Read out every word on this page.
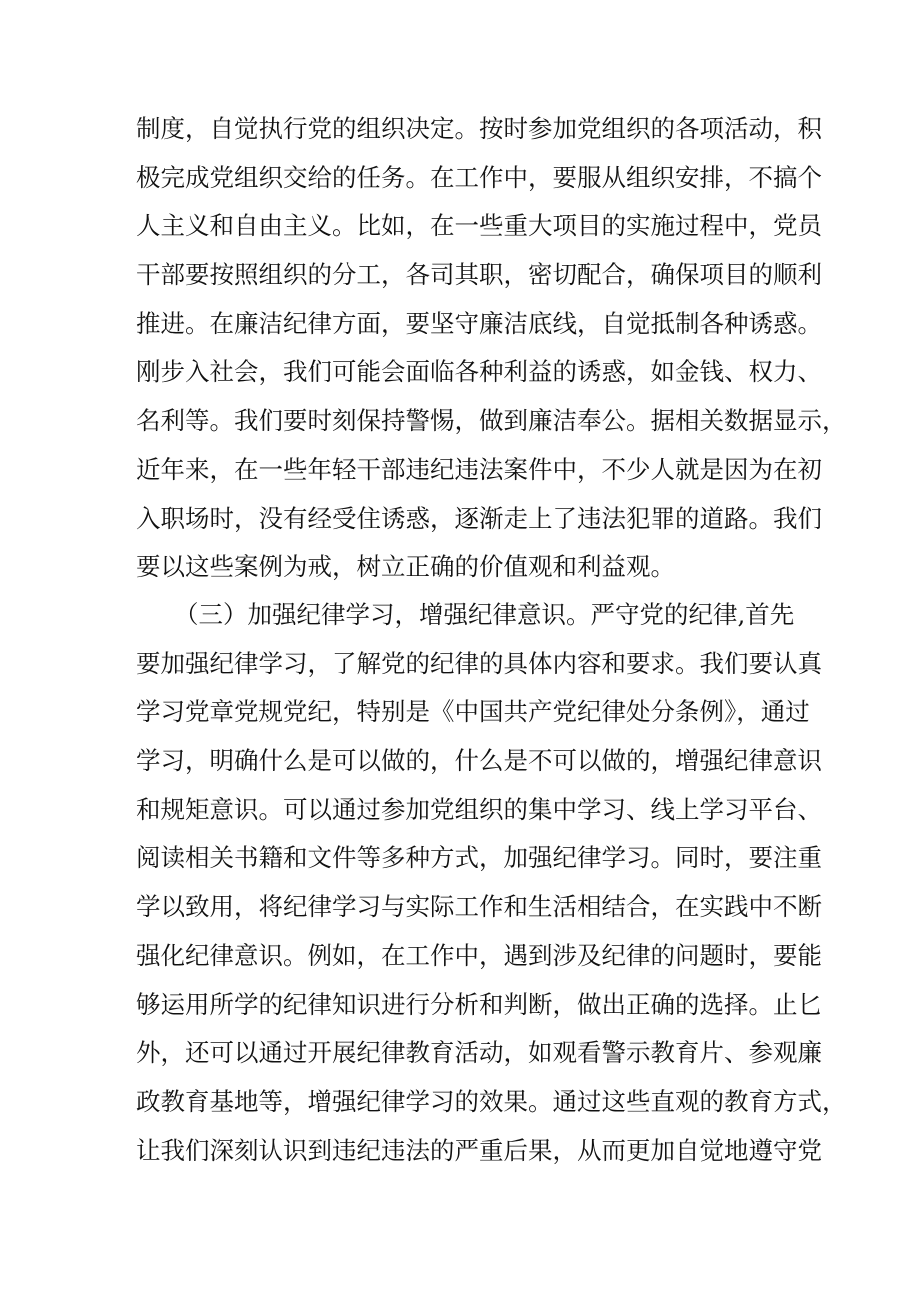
制度，自觉执行党的组织决定。按时参加党组织的各项活动，积
极完成党组织交给的任务。在工作中，要服从组织安排，不搞个
人主义和自由主义。比如，在一些重大项目的实施过程中，党员
干部要按照组织的分工，各司其职，密切配合，确保项目的顺利
推进。在廉洁纪律方面，要坚守廉洁底线，自觉抵制各种诱惑。
刚步入社会，我们可能会面临各种利益的诱惑，如金钱、权力、
名利等。我们要时刻保持警惕，做到廉洁奉公。据相关数据显示，
近年来，在一些年轻干部违纪违法案件中，不少人就是因为在初
入职场时，没有经受住诱惑，逐渐走上了违法犯罪的道路。我们
要以这些案例为戒，树立正确的价值观和利益观。
（三）加强纪律学习，增强纪律意识。严守党的纪律,首先
要加强纪律学习，了解党的纪律的具体内容和要求。我们要认真
学习党章党规党纪，特别是《中国共产党纪律处分条例》，通过
学习，明确什么是可以做的，什么是不可以做的，增强纪律意识
和规矩意识。可以通过参加党组织的集中学习、线上学习平台、
阅读相关书籍和文件等多种方式，加强纪律学习。同时，要注重
学以致用，将纪律学习与实际工作和生活相结合，在实践中不断
强化纪律意识。例如，在工作中，遇到涉及纪律的问题时，要能
够运用所学的纪律知识进行分析和判断，做出正确的选择。止匕
外，还可以通过开展纪律教育活动，如观看警示教育片、参观廉
政教育基地等，增强纪律学习的效果。通过这些直观的教育方式，
让我们深刻认识到违纪违法的严重后果，从而更加自觉地遵守党
